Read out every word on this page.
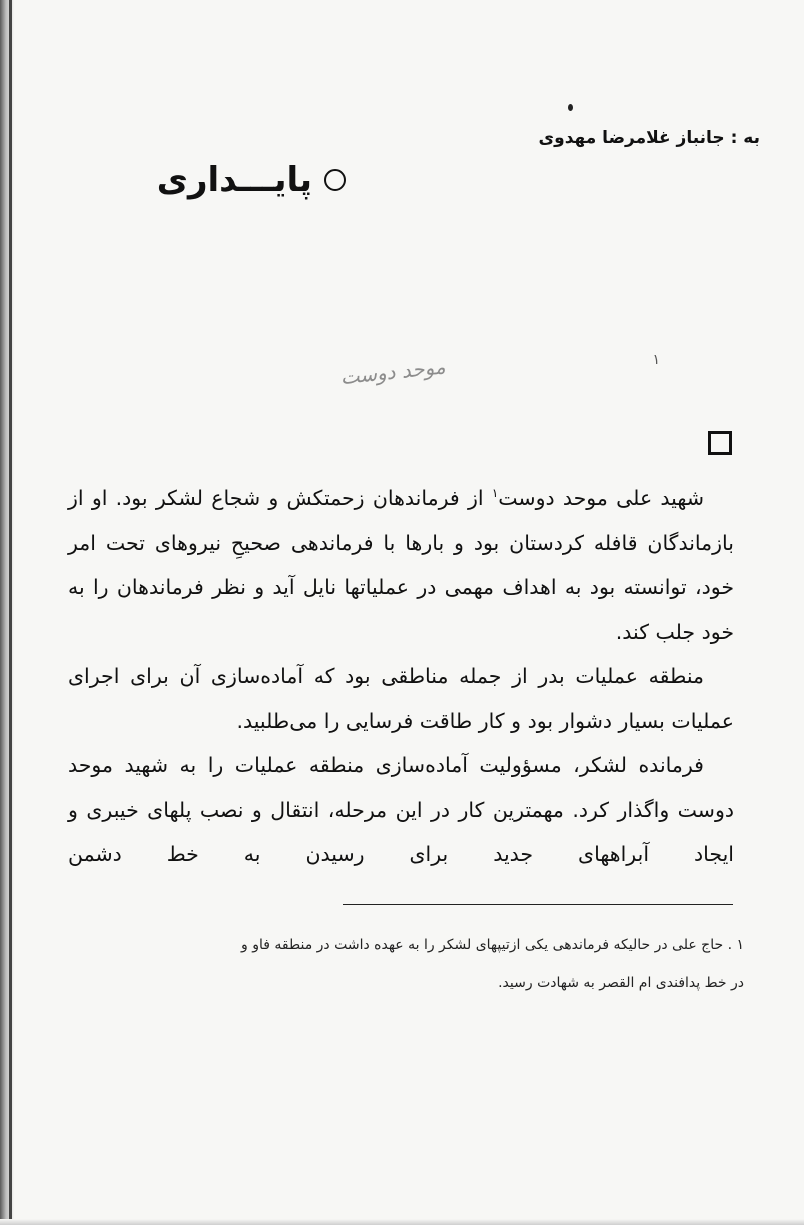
به : جانباز غلامرضا مهدوی
پایـــداری
موحد دوست	۱

شهید علی موحد دوست$^۱$ از فرماندهان زحمتکش و شجاع لشکر بود. او از بازماندگان قافله کردستان بود و بارها با فرماندهی صحیحِ نیروهای تحت امر خود، توانسته بود به اهداف مهمی در عملیاتها نایل آید و نظر فرماندهان را به خود جلب کند.

منطقه عملیات بدر از جمله مناطقی بود که آماده‌سازی آن برای اجرای عملیات بسیار دشوار بود و کار طاقت فرسایی را می‌طلبید.

فرمانده لشکر، مسؤولیت آماده‌سازی منطقه عملیات را به شهید موحد دوست واگذار کرد. مهمترین کار در این مرحله، انتقال و نصب پلهای خیبری و ایجاد آبراههای جدید برای رسیدن به خط دشمن

۱ . حاج علی در حالیکه فرماندهی یکی ازتیپهای لشکر را به عهده داشت در منطقه فاو و

در خط پدافندی ام القصر به شهادت رسید.
